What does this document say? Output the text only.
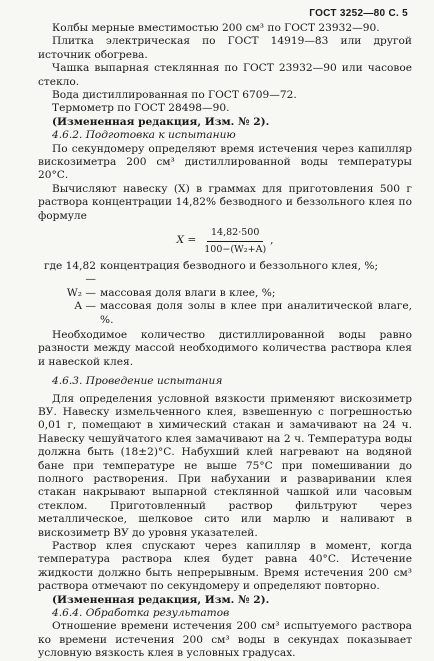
ГОСТ 3252—80 С. 5

Колбы мерные вместимостью 200 см³ по ГОСТ 23932—90.

Плитка электрическая по ГОСТ 14919—83 или другой источник обогрева.

Чашка выпарная стеклянная по ГОСТ 23932—90 или часовое стекло.

Вода дистиллированная по ГОСТ 6709—72.

Термометр по ГОСТ 28498—90.

(Измененная редакция, Изм. № 2).

4.6.2. Подготовка к испытанию

По секундомеру определяют время истечения через капилляр вискозиметра 200 см³ дистиллированной воды температуры 20°С.

Вычисляют навеску (X) в граммах для приготовления 500 г раствора концентрации 14,82% безводного и беззольного клея по формуле

$X = \frac{14,82\cdot 500}{\text{100−(W₂+A)}}$ ,
где 14,82 —
концентрация безводного и беззольного клея, %;
W₂ — массовая доля влаги в клее, %;
A — массовая доля золы в клее при аналитической влаге, %.

Необходимое количество дистиллированной воды равно разности между массой необходимого количества раствора клея и навеской клея.

4.6.3. Проведение испытания

Для определения условной вязкости применяют вискозиметр ВУ. Навеску измельченного клея, взвешенную с погрешностью 0,01 г, помещают в химический стакан и замачивают на 24 ч. Навеску чешуйчатого клея замачивают на 2 ч. Температура воды должна быть (18±2)°С. Набухший клей нагревают на водяной бане при температуре не выше 75°С при помешивании до полного растворения. При набухании и разваривании клея стакан накрывают выпарной стеклянной чашкой или часовым стеклом. Приготовленный раствор фильтруют через металлическое, шелковое сито или марлю и наливают в вискозиметр ВУ до уровня указателей.

Раствор клея спускают через капилляр в момент, когда температура раствора клея будет равна 40°С. Истечение жидкости должно быть непрерывным. Время истечения 200 см³ раствора отмечают по секундомеру и определяют повторно.

(Измененная редакция, Изм. № 2).

4.6.4. Обработка результатов

Отношение времени истечения 200 см³ испытуемого раствора ко времени истечения 200 см³ воды в секундах показывает условную вязкость клея в условных градусах.
